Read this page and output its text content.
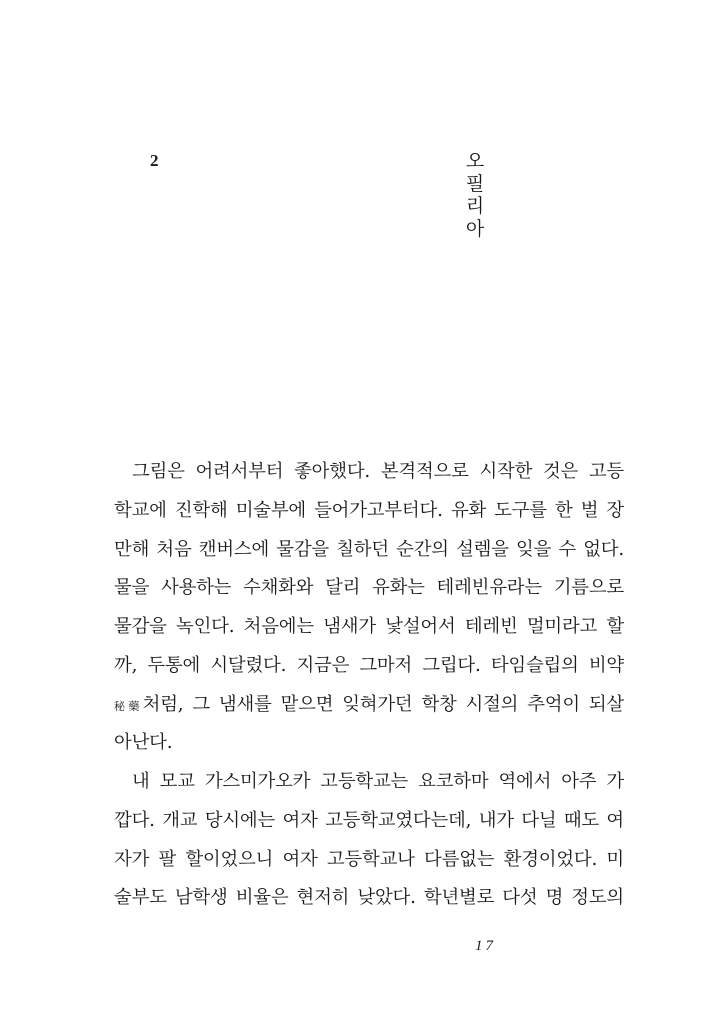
2	오
필
리
아
그림은 어려서부터 좋아했다. 본격적으로 시작한 것은 고등
학교에 진학해 미술부에 들어가고부터다. 유화 도구를 한 벌 장
만해 처음 캔버스에 물감을 칠하던 순간의 설렘을 잊을 수 없다.
물을 사용하는 수채화와 달리 유화는 테레빈유라는 기름으로
물감을 녹인다. 처음에는 냄새가 낯설어서 테레빈 멀미라고 할
까, 두통에 시달렸다. 지금은 그마저 그립다. 타임슬립의 비약
秘藥처럼, 그 냄새를 맡으면 잊혀가던 학창 시절의 추억이 되살
아난다.
내 모교 가스미가오카 고등학교는 요코하마 역에서 아주 가
깝다. 개교 당시에는 여자 고등학교였다는데, 내가 다닐 때도 여
자가 팔 할이었으니 여자 고등학교나 다름없는 환경이었다. 미
술부도 남학생 비율은 현저히 낮았다. 학년별로 다섯 명 정도의
17
